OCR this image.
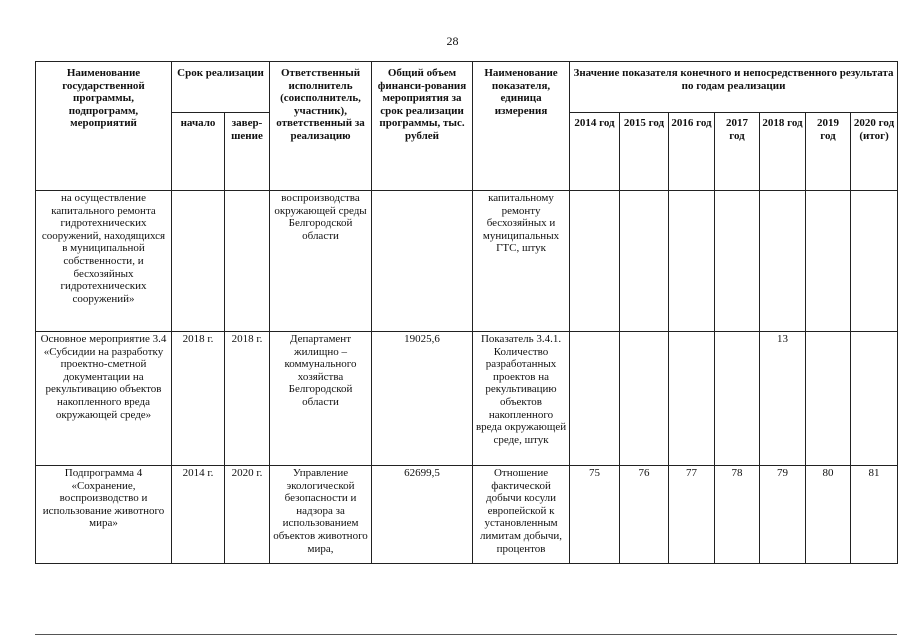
28
Наименование государственной программы, подпрограмм, мероприятий	Срок реализации		Ответственный исполнитель (соисполнитель, участник), ответственный за реализацию	Общий объем финанси-рования мероприятия за срок реализации программы, тыс. рублей	Наименование показателя, единица измерения	Значение показателя конечного и непосредственного результата по годам реализации						
	начало	завер-шение				2014 год	2015 год	2016 год	2017 год	2018 год	2019 год	2020 год (итог)
на осуществление капитального ремонта гидротехнических сооружений, находящихся в муниципальной собственности, и бесхозяйных гидротехнических сооружений»			воспроизводства окружающей среды Белгородской области		капитальному ремонту бесхозяйных и муниципальных ГТС, штук							
Основное мероприятие 3.4 «Субсидии на разработку проектно-сметной документации на рекультивацию объектов накопленного вреда окружающей среде»	2018 г.	2018 г.	Департамент жилищно – коммунального хозяйства Белгородской области	19025,6	Показатель 3.4.1. Количество разработанных проектов на рекультивацию объектов накопленного вреда окружающей среде, штук					13		
Подпрограмма 4 «Сохранение, воспроизводство и использование животного мира»	2014 г.	2020 г.	Управление экологической безопасности и надзора за использованием объектов животного мира,	62699,5	Отношение фактической добычи косули европейской к установленным лимитам добычи, процентов	75	76	77	78	79	80	81
